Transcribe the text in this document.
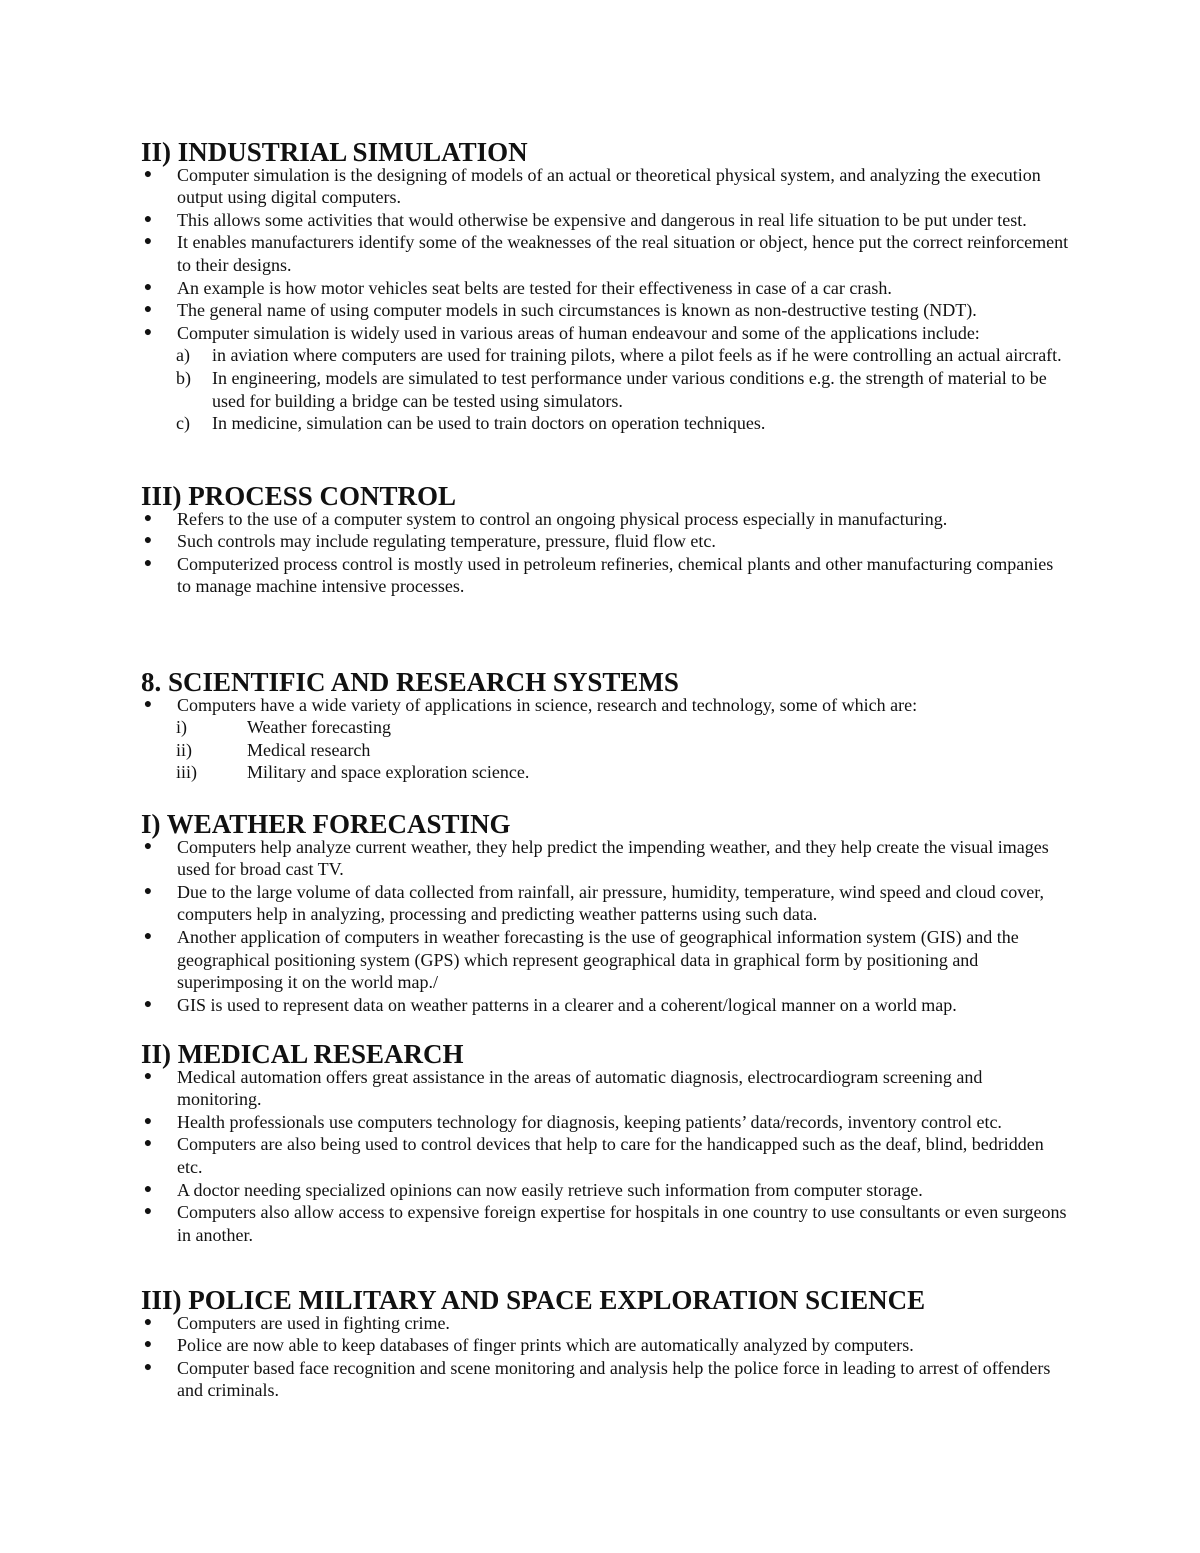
II) INDUSTRIAL SIMULATION
● Computer simulation is the designing of models of an actual or theoretical physical system, and analyzing the execution output using digital computers.
● This allows some activities that would otherwise be expensive and dangerous in real life situation to be put under test.
● It enables manufacturers identify some of the weaknesses of the real situation or object, hence put the correct reinforcement to their designs.
● An example is how motor vehicles seat belts are tested for their effectiveness in case of a car crash.
● The general name of using computer models in such circumstances is known as non-destructive testing (NDT).
● Computer simulation is widely used in various areas of human endeavour and some of the applications include:
a)	in aviation where computers are used for training pilots, where a pilot feels as if he were controlling an actual aircraft.
b)	In engineering, models are simulated to test performance under various conditions e.g. the strength of material to be used for building a bridge can be tested using simulators.
c)	In medicine, simulation can be used to train doctors on operation techniques.
III) PROCESS CONTROL
● Refers to the use of a computer system to control an ongoing physical process especially in manufacturing.
● Such controls may include regulating temperature, pressure, fluid flow etc.
● Computerized process control is mostly used in petroleum refineries, chemical plants and other manufacturing companies to manage machine intensive processes.
8. SCIENTIFIC AND RESEARCH SYSTEMS
● Computers have a wide variety of applications in science, research and technology, some of which are:
i)	Weather forecasting
ii)	Medical research
iii)	Military and space exploration science.
I) WEATHER FORECASTING
● Computers help analyze current weather, they help predict the impending weather, and they help create the visual images used for broad cast TV.
● Due to the large volume of data collected from rainfall, air pressure, humidity, temperature, wind speed and cloud cover, computers help in analyzing, processing and predicting weather patterns using such data.
● Another application of computers in weather forecasting is the use of geographical information system (GIS) and the geographical positioning system (GPS) which represent geographical data in graphical form by positioning and superimposing it on the world map./
● GIS is used to represent data on weather patterns in a clearer and a coherent/logical manner on a world map.
II) MEDICAL RESEARCH
● Medical automation offers great assistance in the areas of automatic diagnosis, electrocardiogram screening and monitoring.
● Health professionals use computers technology for diagnosis, keeping patients’ data/records, inventory control etc.
● Computers are also being used to control devices that help to care for the handicapped such as the deaf, blind, bedridden etc.
● A doctor needing specialized opinions can now easily retrieve such information from computer storage.
● Computers also allow access to expensive foreign expertise for hospitals in one country to use consultants or even surgeons in another.
III) POLICE MILITARY AND SPACE EXPLORATION SCIENCE
● Computers are used in fighting crime.
● Police are now able to keep databases of finger prints which are automatically analyzed by computers.
● Computer based face recognition and scene monitoring and analysis help the police force in leading to arrest of offenders and criminals.
